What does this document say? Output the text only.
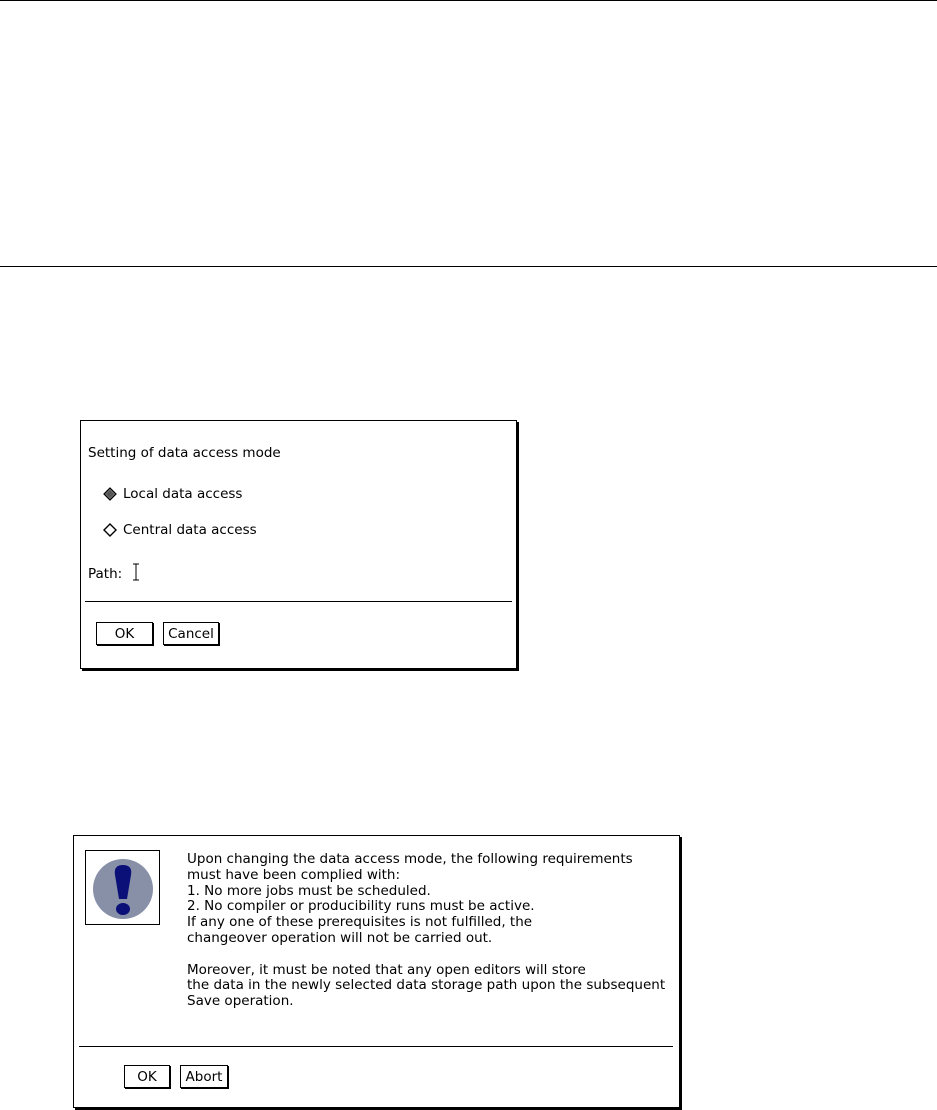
Setting of data access mode
Local data access
Central data access
Path:
OK	Cancel
Upon changing the data access mode, the following requirements
must have been complied with:
1. No more jobs must be scheduled.
2. No compiler or producibility runs must be active.
If any one of these prerequisites is not fulfilled, the
changeover operation will not be carried out.
Moreover, it must be noted that any open editors will store
the data in the newly selected data storage path upon the subsequent
Save operation.
OK	Abort
